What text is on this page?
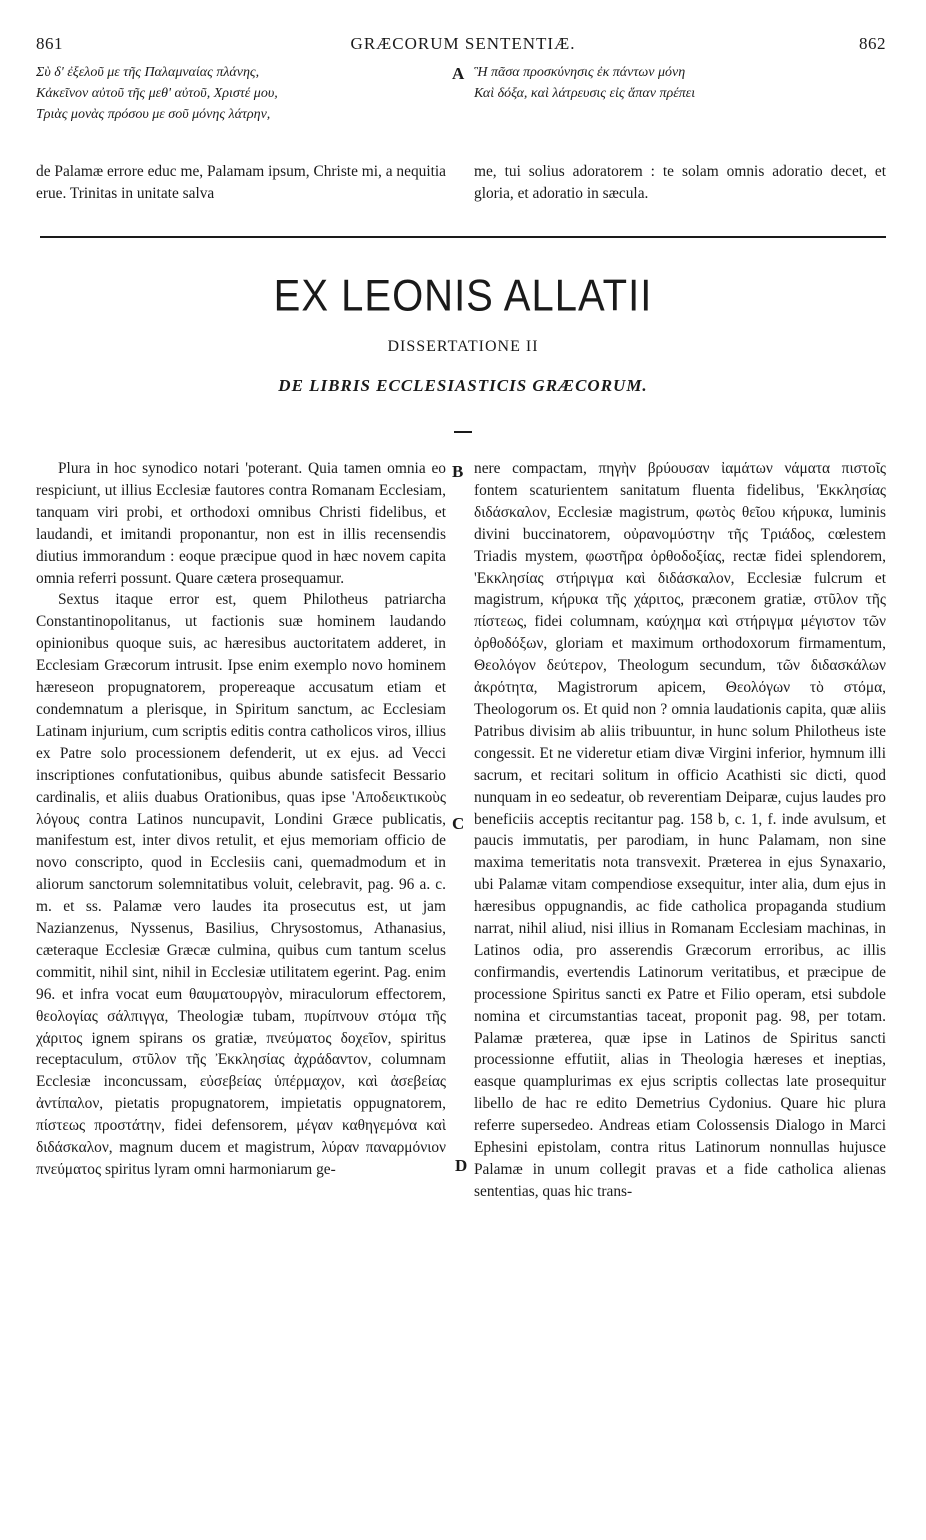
861	GRÆCORUM SENTENTIÆ.	862
Σὺ δ' ἐξελοῦ με τῆς Παλαμναίας πλάνης,
Κἀκεῖνον αὐτοῦ τῆς μεθ' αὐτοῦ, Χριστέ μου,
Τριὰς μονὰς πρόσου με σοῦ μόνης λάτρην,
A Ἣ πᾶσα προσκύνησις ἐκ πάντων μόνη
Καὶ δόξα, καὶ λάτρευσις εἰς ἅπαν πρέπει

de Palamæ errore educ me, Palamam ipsum, Christe mi, a nequitia erue. Trinitas in unitate salva

me, tui solius adoratorem : te solam omnis adoratio decet, et gloria, et adoratio in sæcula.

EX LEONIS ALLATII
DISSERTATIONE II
DE LIBRIS ECCLESIASTICIS GRÆCORUM.
B
C
D

Plura in hoc synodico notari 'poterant. Quia tamen omnia eo respiciunt, ut illius Ecclesiæ fautores contra Romanam Ecclesiam, tanquam viri probi, et orthodoxi omnibus Christi fidelibus, et laudandi, et imitandi proponantur, non est in illis recensendis diutius immorandum : eoque præcipue quod in hæc novem capita omnia referri possunt. Quare cætera prosequamur.

Sextus itaque error est, quem Philotheus patriarcha Constantinopolitanus, ut factionis suæ hominem laudando opinionibus quoque suis, ac hæresibus auctoritatem adderet, in Ecclesiam Græcorum intrusit. Ipse enim exemplo novo hominem hæreseon propugnatorem, propereaque accusatum etiam et condemnatum a plerisque, in Spiritum sanctum, ac Ecclesiam Latinam injurium, cum scriptis editis contra catholicos viros, illius ex Patre solo processionem defenderit, ut ex ejus. ad Vecci inscriptiones confutationibus, quibus abunde satisfecit Bessario cardinalis, et aliis duabus Orationibus, quas ipse 'Αποδεικτικοὺς λόγους contra Latinos nuncupavit, Londini Græce publicatis, manifestum est, inter divos retulit, et ejus memoriam officio de novo conscripto, quod in Ecclesiis cani, quemadmodum et in aliorum sanctorum solemnitatibus voluit, celebravit, pag. 96 a. c. m. et ss. Palamæ vero laudes ita prosecutus est, ut jam Nazianzenus, Nyssenus, Basilius, Chrysostomus, Athanasius, cæteraque Ecclesiæ Græcæ culmina, quibus cum tantum scelus commitit, nihil sint, nihil in Ecclesiæ utilitatem egerint. Pag. enim 96. et infra vocat eum θαυματουργὸν, miraculorum effectorem, θεολογίας σάλπιγγα, Theologiæ tubam, πυρίπνουν στόμα τῆς χάριτος ignem spirans os gratiæ, πνεύματος δοχεῖον, spiritus receptaculum, στῦλον τῆς Ἐκκλησίας ἀχράδαντον, columnam Ecclesiæ inconcussam, εὐσεβείας ὑπέρμαχον, καὶ ἀσεβείας ἀντίπαλον, pietatis propugnatorem, impietatis oppugnatorem, πίστεως προστάτην, fidei defensorem, μέγαν καθηγεμόνα καὶ διδάσκαλον, magnum ducem et magistrum, λύραν παναρμόνιον πνεύματος spiritus lyram omni harmoniarum ge-

nere compactam, πηγὴν βρύουσαν ἰαμάτων νάματα πιστοῖς fontem scaturientem sanitatum fluenta fidelibus, 'Εκκλησίας διδάσκαλον, Ecclesiæ magistrum, φωτὸς θεῖου κήρυκα, luminis divini buccinatorem, οὐρανομύστην τῆς Τριάδος, cœlestem Triadis mystem, φωστῆρα ὀρθοδοξίας, rectæ fidei splendorem, 'Εκκλησίας στήριγμα καὶ διδάσκαλον, Ecclesiæ fulcrum et magistrum, κήρυκα τῆς χάριτος, præconem gratiæ, στῦλον τῆς πίστεως, fidei columnam, καύχημα καὶ στήριγμα μέγιστον τῶν ὀρθοδόξων, gloriam et maximum orthodoxorum firmamentum, Θεολόγον δεύτερον, Theologum secundum, τῶν διδασκάλων ἀκρότητα, Magistrorum apicem, Θεολόγων τὸ στόμα, Theologorum os. Et quid non ? omnia laudationis capita, quæ aliis Patribus divisim ab aliis tribuuntur, in hunc solum Philotheus iste congessit. Et ne videretur etiam divæ Virgini inferior, hymnum illi sacrum, et recitari solitum in officio Acathisti sic dicti, quod nunquam in eo sedeatur, ob reverentiam Deiparæ, cujus laudes pro beneficiis acceptis recitantur pag. 158 b, c. 1, f. inde avulsum, et paucis immutatis, per parodiam, in hunc Palamam, non sine maxima temeritatis nota transvexit. Præterea in ejus Synaxario, ubi Palamæ vitam compendiose exsequitur, inter alia, dum ejus in hæresibus oppugnandis, ac fide catholica propaganda studium narrat, nihil aliud, nisi illius in Romanam Ecclesiam machinas, in Latinos odia, pro asserendis Græcorum erroribus, ac illis confirmandis, evertendis Latinorum veritatibus, et præcipue de processione Spiritus sancti ex Patre et Filio operam, etsi subdole nomina et circumstantias taceat, proponit pag. 98, per totam. Palamæ præterea, quæ ipse in Latinos de Spiritus sancti processionne effutiit, alias in Theologia hæreses et ineptias, easque quamplurimas ex ejus scriptis collectas late prosequitur libello de hac re edito Demetrius Cydonius. Quare hic plura referre supersedeo. Andreas etiam Colossensis Dialogo in Marci Ephesini epistolam, contra ritus Latinorum nonnullas hujusce Palamæ in unum collegit pravas et a fide catholica alienas sententias, quas hic trans-
